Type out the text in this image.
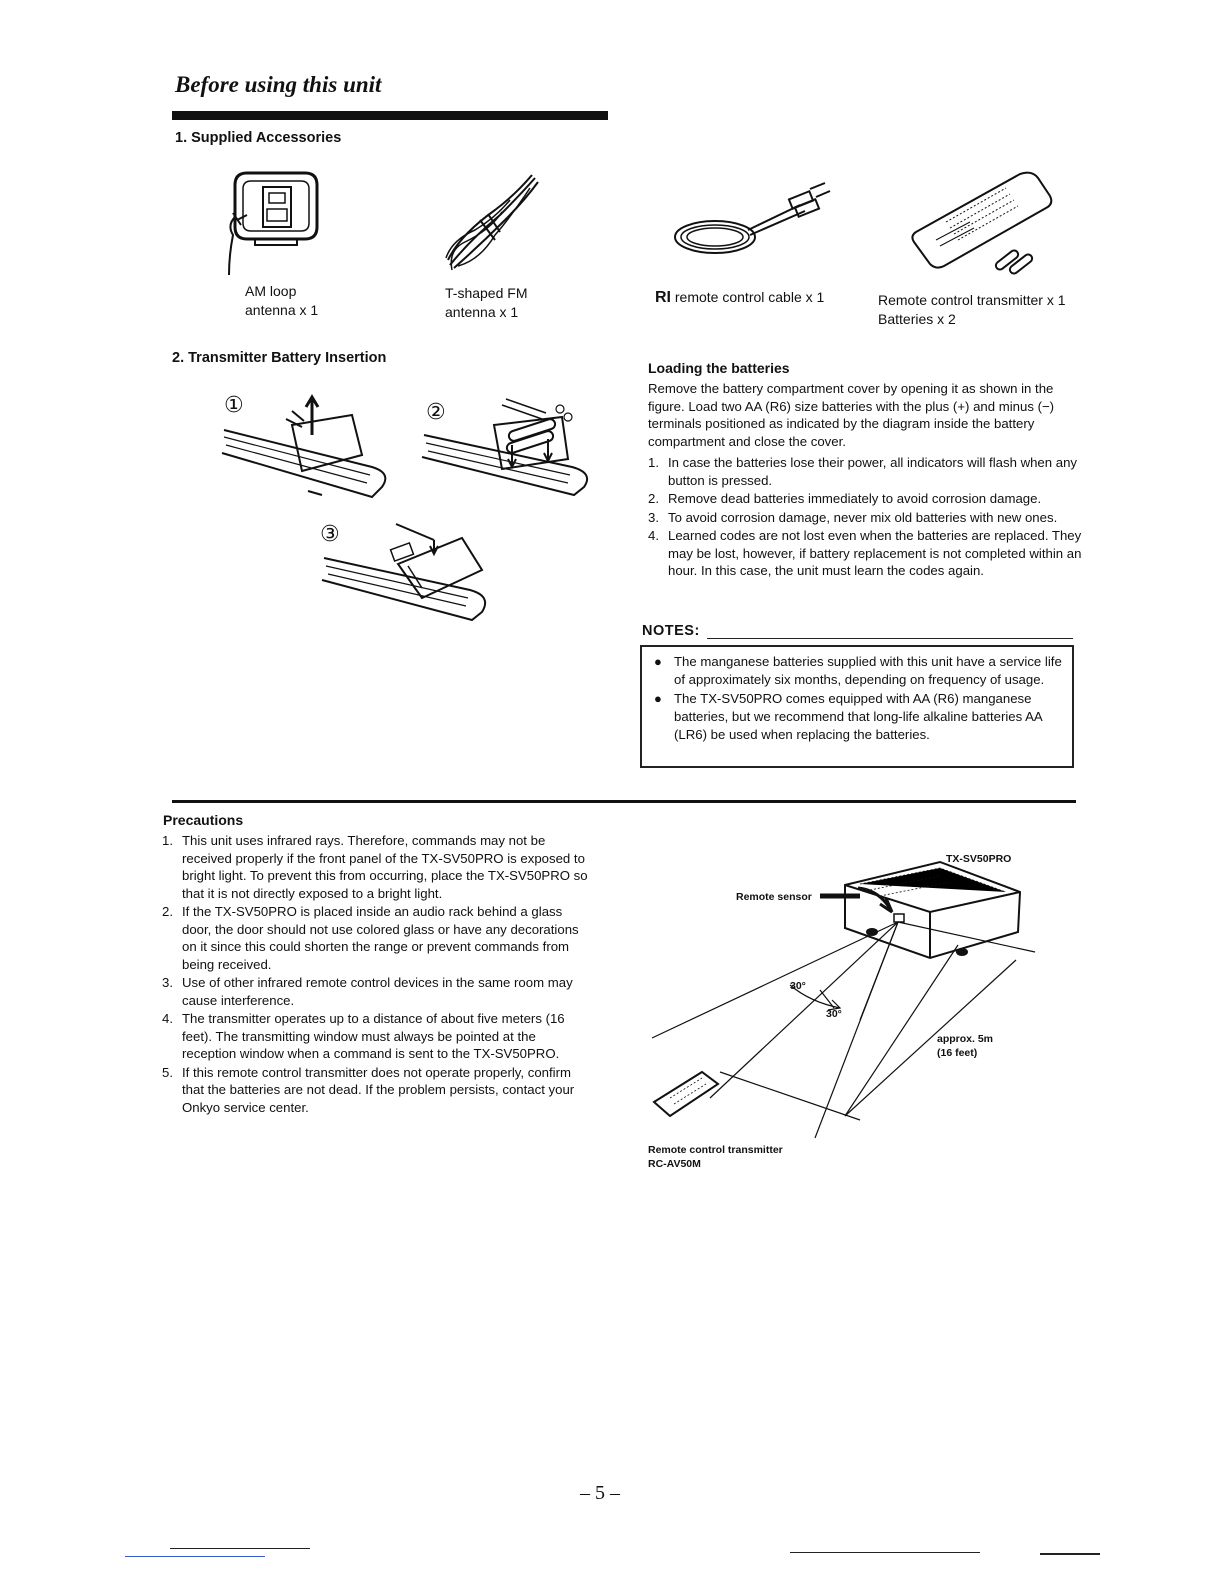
Before using this unit
1. Supplied Accessories
AM loop
antenna x 1
T-shaped FM
antenna x 1
RI remote control cable x 1	Remote control transmitter x 1
Batteries x 2
2. Transmitter Battery Insertion
①	②
③
Loading the batteries
Remove the battery compartment cover by opening it as shown in the figure. Load two AA (R6) size batteries with the plus (+) and minus (−) terminals positioned as indicated by the diagram inside the battery compartment and close the cover.
1. In case the batteries lose their power, all indicators will flash when any button is pressed.
2. Remove dead batteries immediately to avoid corrosion damage.
3. To avoid corrosion damage, never mix old batteries with new ones.
4. Learned codes are not lost even when the batteries are replaced. They may be lost, however, if battery replacement is not completed within an hour. In this case, the unit must learn the codes again.
NOTES:
● The manganese batteries supplied with this unit have a service life of approximately six months, depending on frequency of usage.
● The TX-SV50PRO comes equipped with AA (R6) manganese batteries, but we recommend that long-life alkaline batteries AA (LR6) be used when replacing the batteries.
Precautions
1. This unit uses infrared rays. Therefore, commands may not be received properly if the front panel of the TX-SV50PRO is exposed to bright light. To prevent this from occurring, place the TX-SV50PRO so that it is not directly exposed to a bright light.
2. If the TX-SV50PRO is placed inside an audio rack behind a glass door, the door should not use colored glass or have any decorations on it since this could shorten the range or prevent commands from being received.
3. Use of other infrared remote control devices in the same room may cause interference.
4. The transmitter operates up to a distance of about five meters (16 feet). The transmitting window must always be pointed at the reception window when a command is sent to the TX-SV50PRO.
5. If this remote control transmitter does not operate properly, confirm that the batteries are not dead. If the problem persists, contact your Onkyo service center.
TX-SV50PRO
Remote sensor
30°
30°
approx. 5m
(16 feet)
Remote control transmitter
RC-AV50M
– 5 –
